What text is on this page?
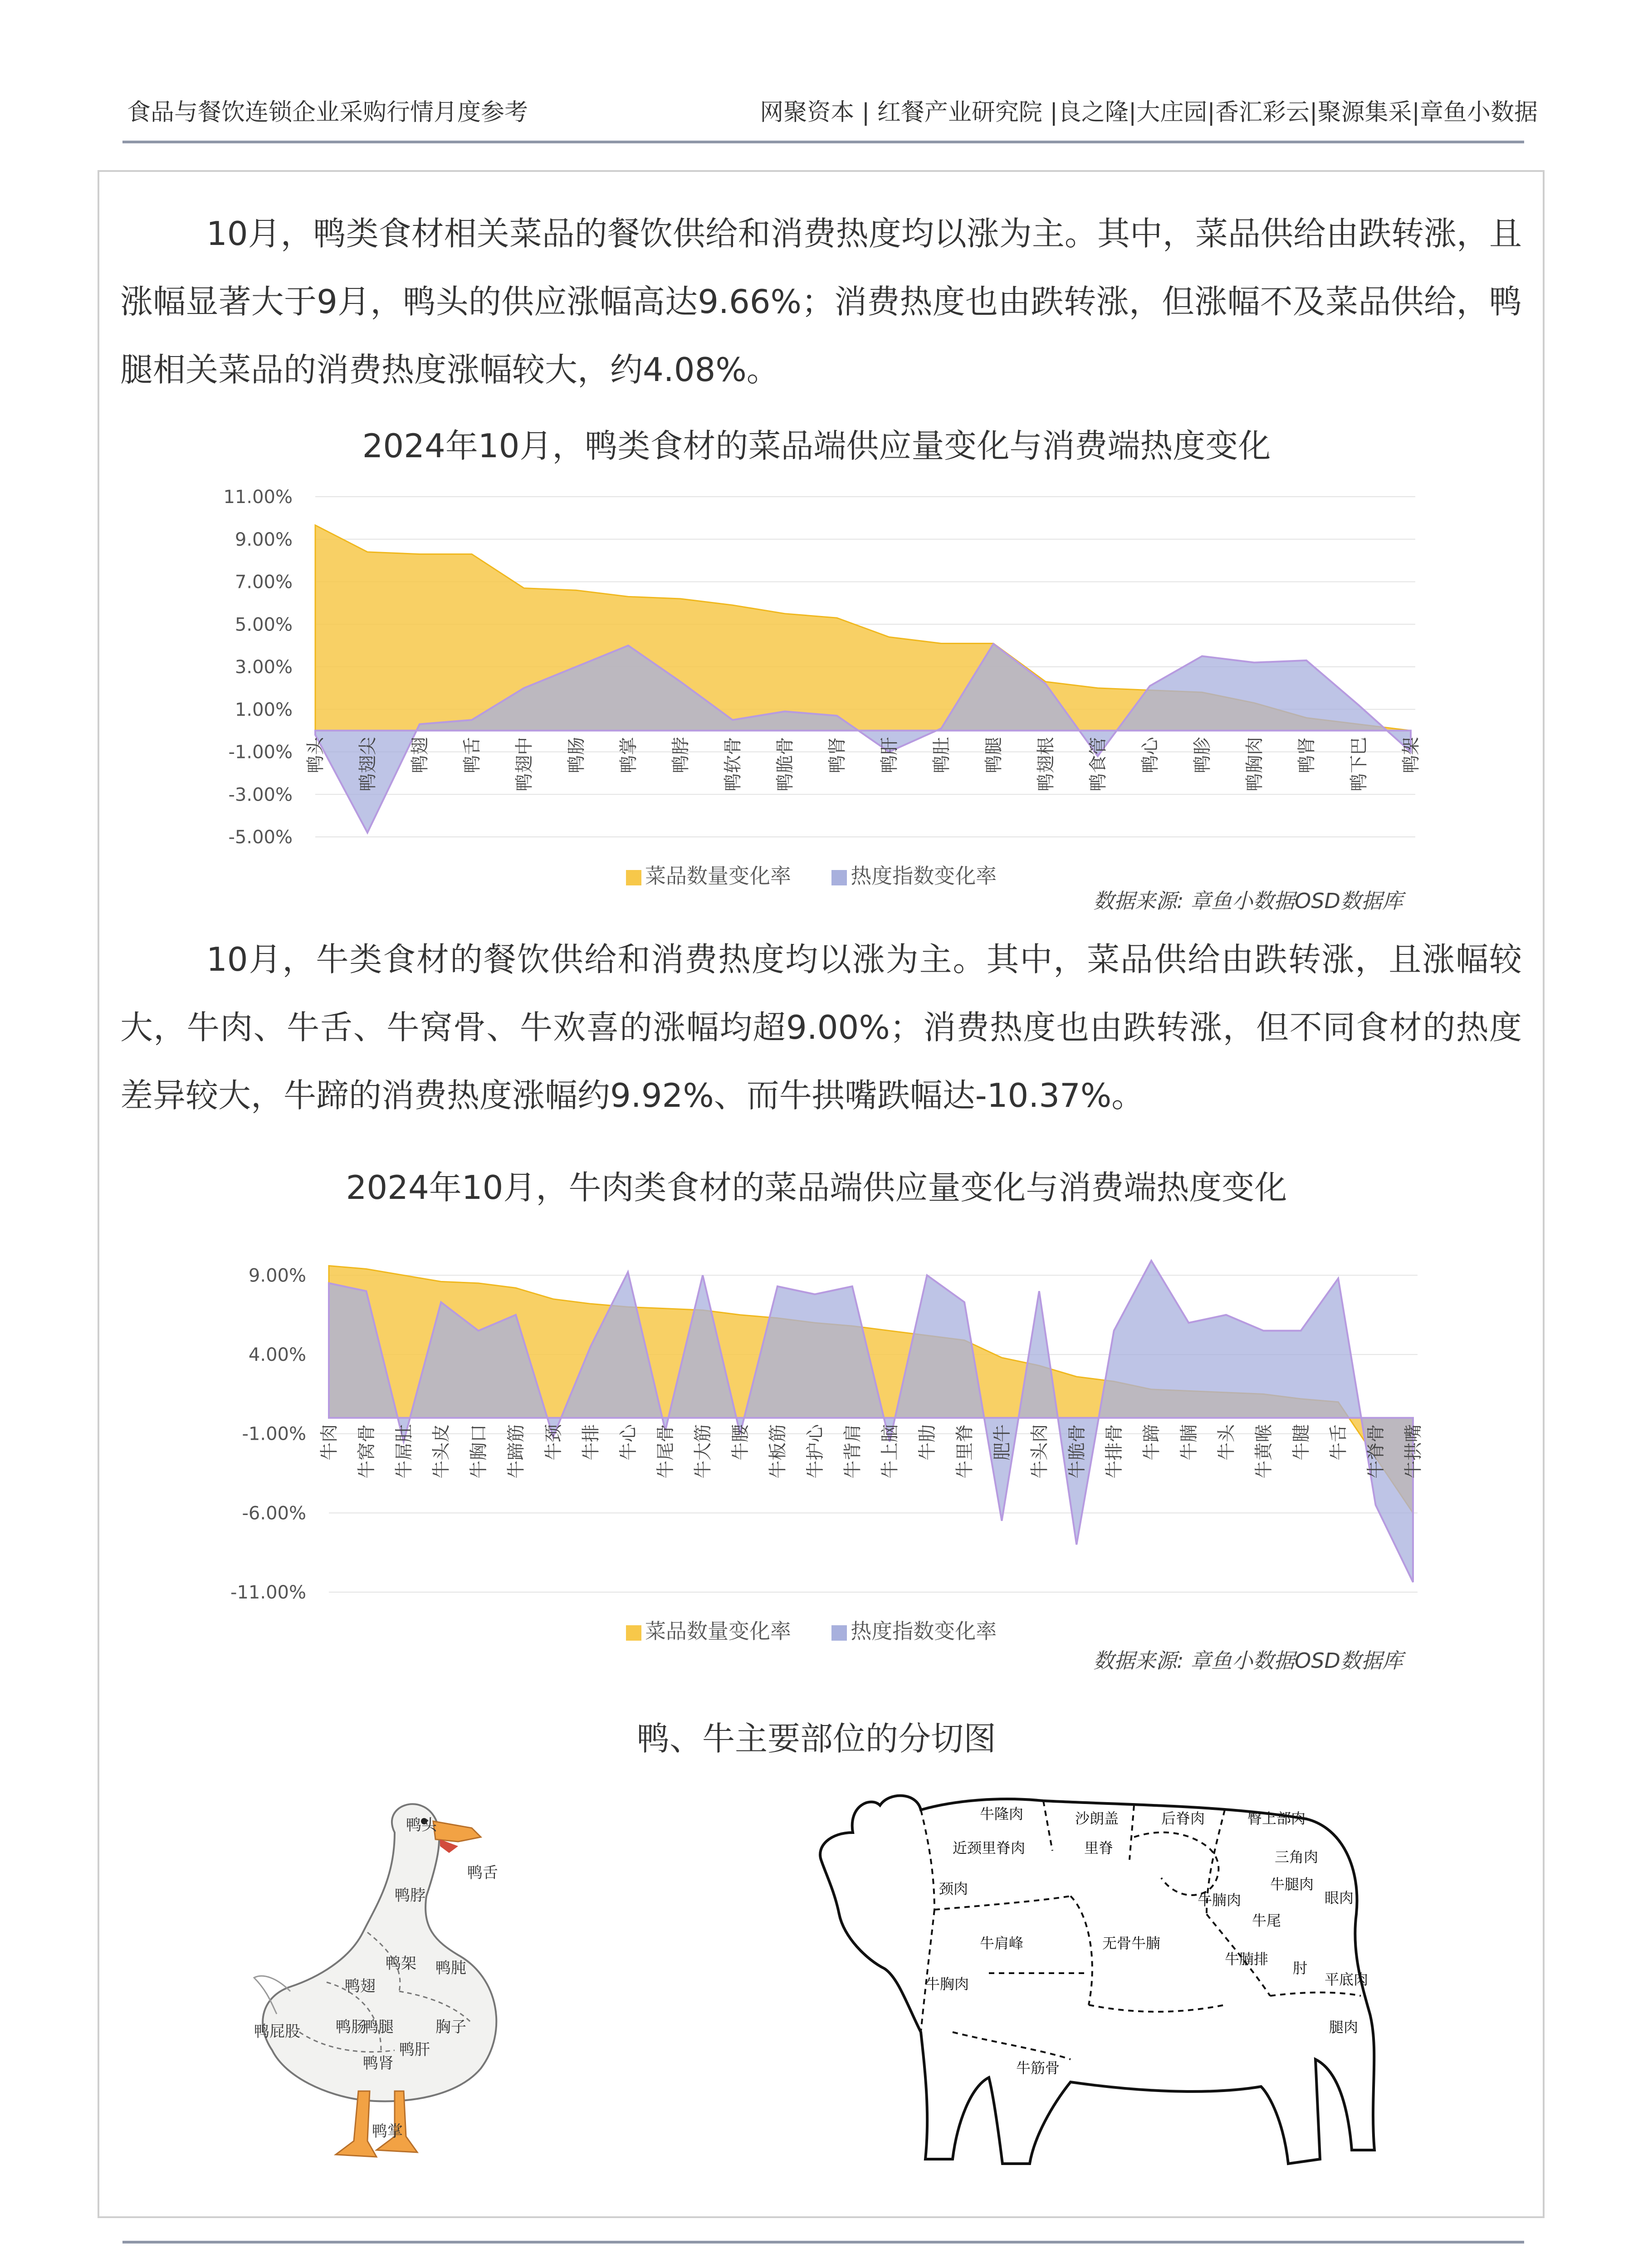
食品与餐饮连锁企业采购行情月度参考	网聚资本 | 红餐产业研究院 |良之隆|大庄园|香汇彩云|聚源集采|章鱼小数据
10月，鸭类食材相关菜品的餐饮供给和消费热度均以涨为主。其中，菜品供给由跌转涨，且涨幅显著大于9月，鸭头的供应涨幅高达9.66%；消费热度也由跌转涨，但涨幅不及菜品供给，鸭腿相关菜品的消费热度涨幅较大，约4.08%。
2024年10月，鸭类食材的菜品端供应量变化与消费端热度变化
11.00%
9.00%
7.00%
5.00%
3.00%
1.00%
-1.00%
-3.00%
-5.00%
鸭头 鸭翅尖 鸭翅 鸭舌 鸭翅中 鸭肠 鸭掌 鸭脖 鸭软骨 鸭脆骨 鸭肾 鸭肝 鸭肚 鸭腿 鸭翅根 鸭食管 鸭心 鸭胗 鸭胸肉 鸭肾 鸭下巴 鸭架
菜品数量变化率	热度指数变化率
数据来源: 章鱼小数据OSD数据库
10月，牛类食材的餐饮供给和消费热度均以涨为主。其中，菜品供给由跌转涨，且涨幅较大，牛肉、牛舌、牛窝骨、牛欢喜的涨幅均超9.00%；消费热度也由跌转涨，但不同食材的热度差异较大，牛蹄的消费热度涨幅约9.92%、而牛拱嘴跌幅达-10.37%。
2024年10月，牛肉类食材的菜品端供应量变化与消费端热度变化
9.00%
4.00%
-1.00%
-6.00%
-11.00%
牛肉 牛窝骨 牛屌肚 牛头皮 牛胸口 牛蹄筋 牛颈 牛排 牛心 牛尾骨 牛大筋 牛腰 牛板筋 牛护心 牛背肩 牛上脑 牛肋 牛里脊 肥牛 牛头肉 牛脆骨 牛排骨 牛蹄 牛腩 牛头 牛黄喉 牛腱 牛舌 牛脊骨 牛拱嘴
菜品数量变化率	热度指数变化率
数据来源: 章鱼小数据OSD数据库
鸭、牛主要部位的分切图
鸭头
鸭舌
鸭脖
鸭架 鸭肫
鸭翅
鸭肠
鸭腿	胸子
鸭屁股
鸭肾
鸭肝
鸭掌
牛隆肉	沙朗盖	后脊肉	臀上部肉
近颈里脊肉	里脊
三角肉
颈肉
牛腩肉
牛腿肉
眼肉
牛尾
牛肩峰	无骨牛腩
牛腩排
肘
平底肉
牛胸肉
腿肉
牛筋骨
